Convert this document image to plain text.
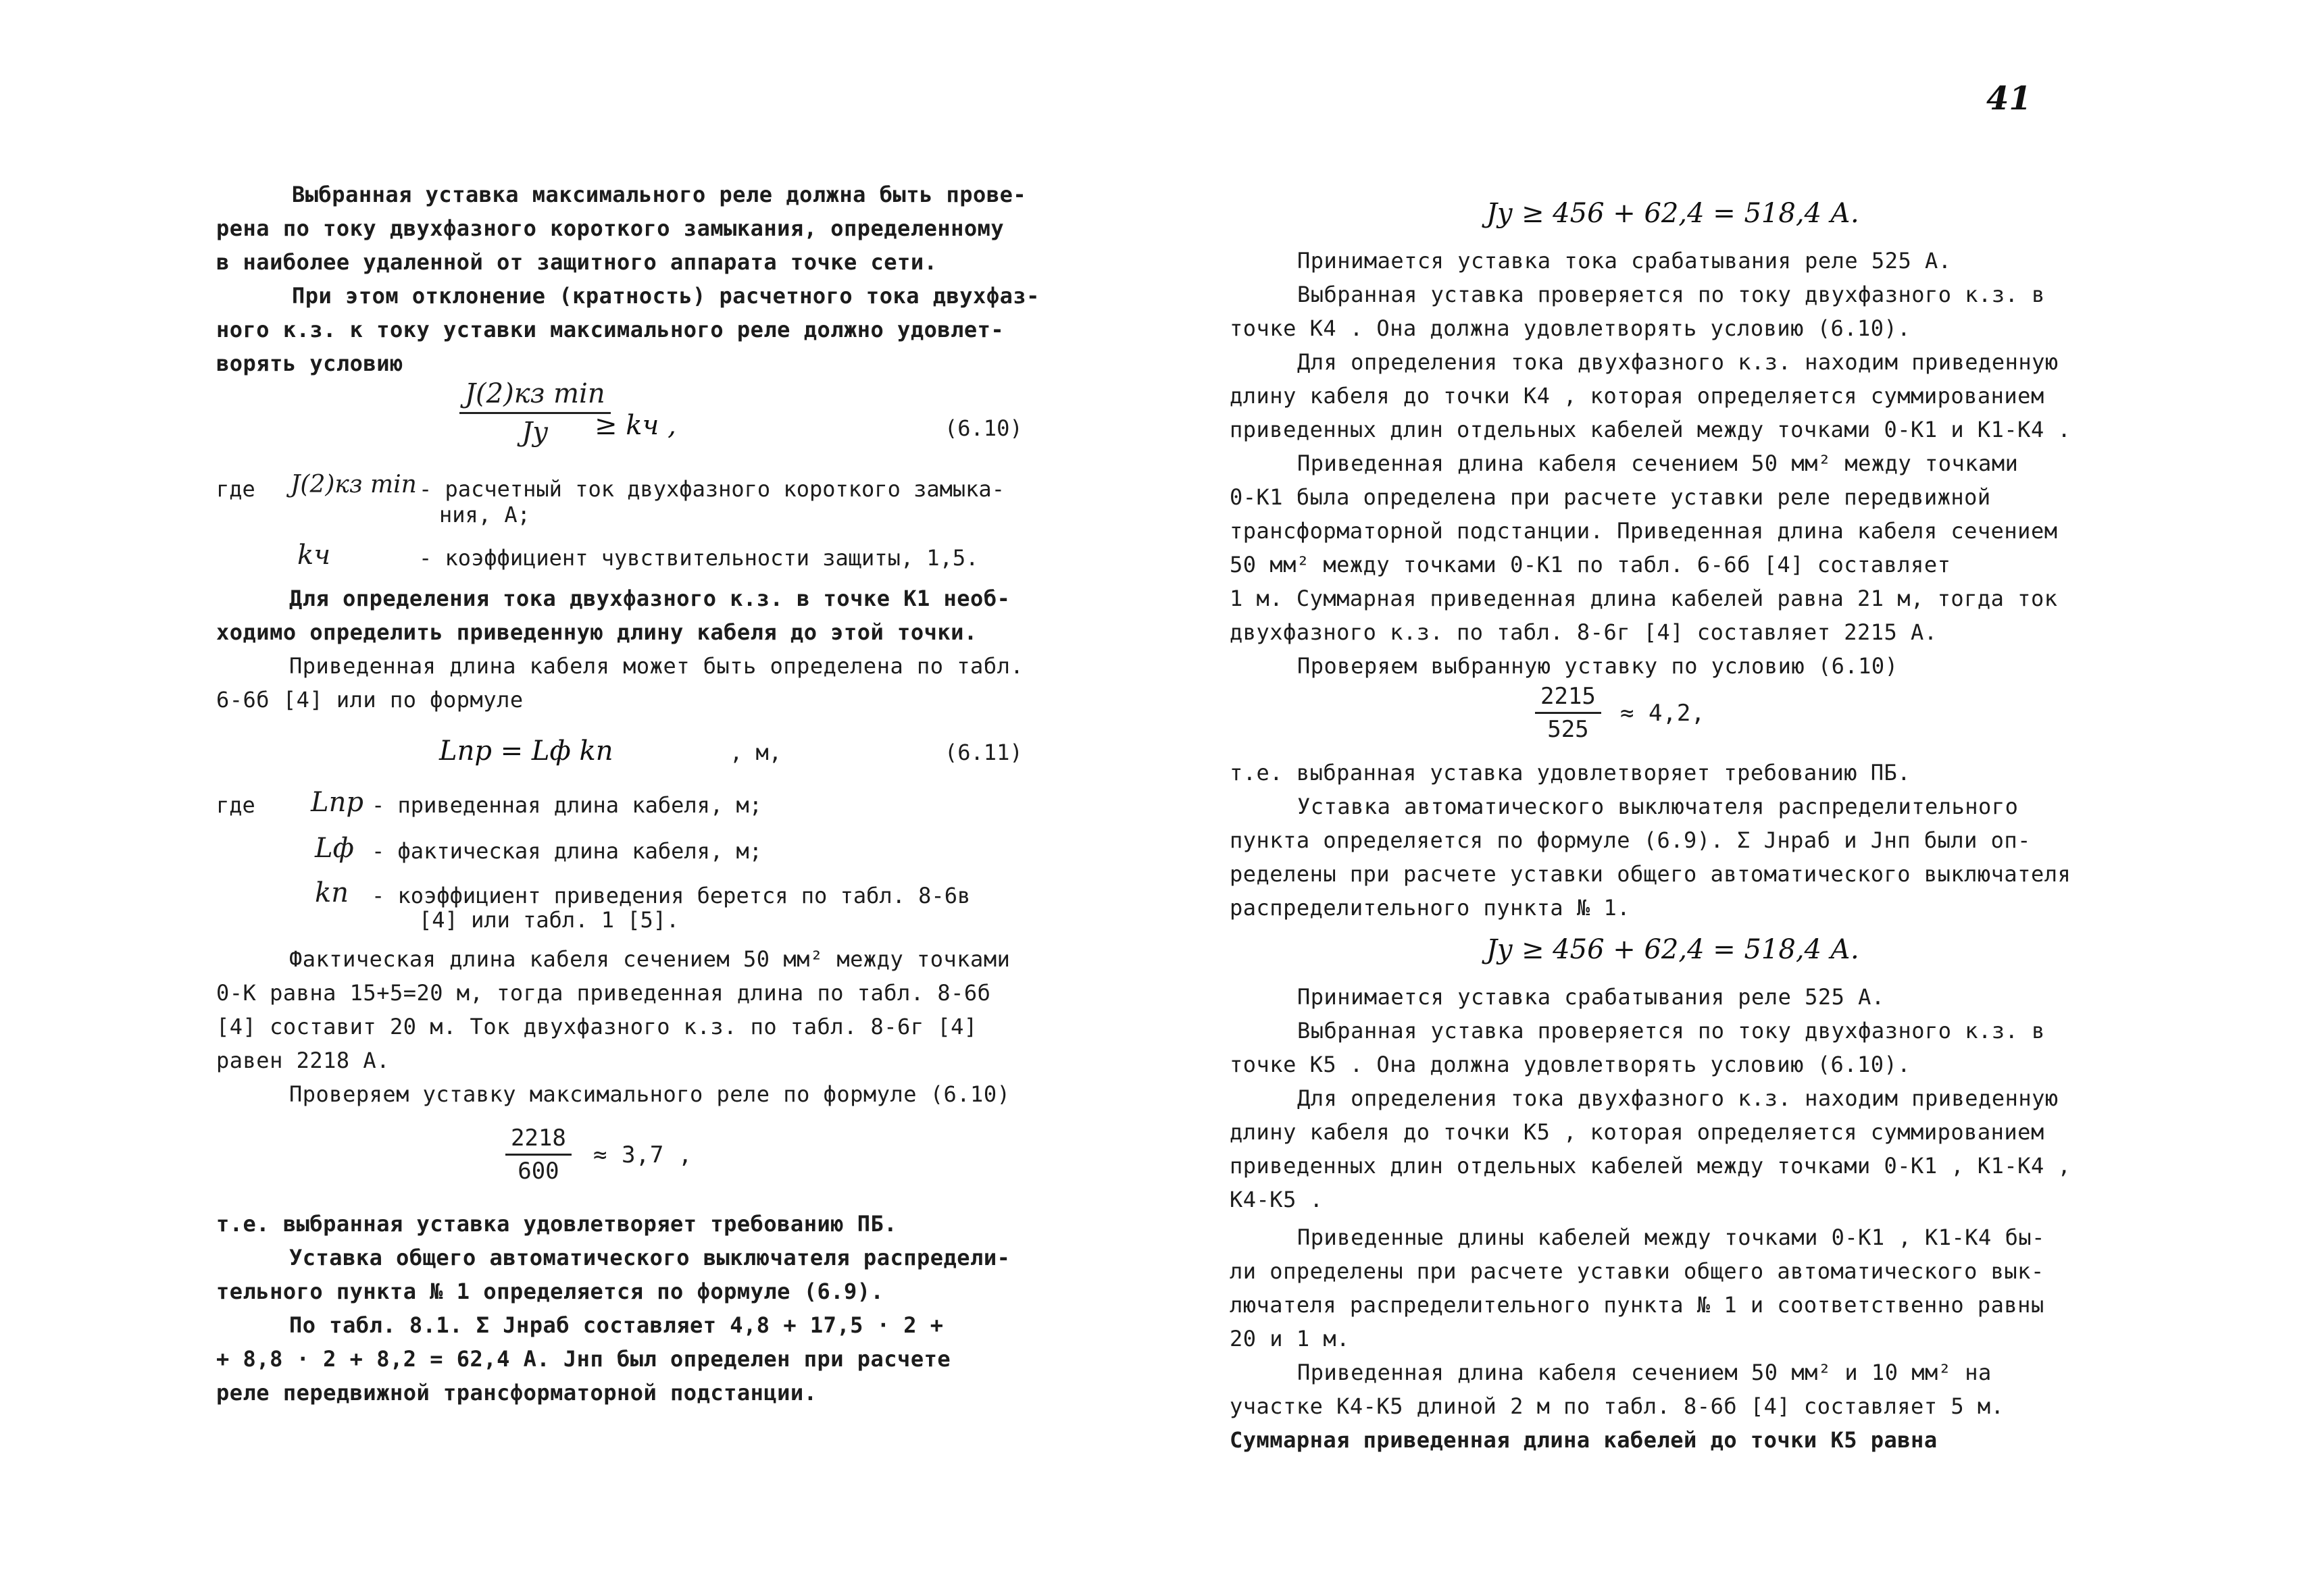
Выбранная уставка максимального реле должна быть прове-
рена по току двухфазного короткого замыкания, определенному
в наиболее удаленной от защитного аппарата точке сети.
При этом отклонение (кратность) расчетного тока двухфаз-
ного к.з. к току уставки максимального реле должно удовлет-
ворять условию
J(2)кз min
Jу ≥ kч ,	(6.10)
где J(2)кз min - расчетный ток двухфазного короткого замыка-
ния, А;
kч	- коэффициент чувствительности защиты, 1,5.
Для определения тока двухфазного к.з. в точке K1 необ-
ходимо определить приведенную длину кабеля до этой точки.
Приведенная длина кабеля может быть определена по табл.
6-6б [4] или по формуле
Lпр = Lф kп	, м,	(6.11)
где Lпр - приведенная длина кабеля, м;
Lф - фактическая длина кабеля, м;
kп - коэффициент приведения берется по табл. 8-6в
[4] или табл. 1 [5].
Фактическая длина кабеля сечением 50 мм² между точками
0-K равна 15+5=20 м, тогда приведенная длина по табл. 8-6б
[4] составит 20 м. Ток двухфазного к.з. по табл. 8-6г [4]
равен 2218 А.
Проверяем уставку максимального реле по формуле (6.10)
$\frac{2218}{600} \approx 3,7$ ,
т.е. выбранная уставка удовлетворяет требованию ПБ.
Уставка общего автоматического выключателя распредели-
тельного пункта № 1 определяется по формуле (6.9).
По табл. 8.1. Σ Jнраб составляет 4,8 + 17,5 · 2 +
+ 8,8 · 2 + 8,2 = 62,4 А. Jнп был определен при расчете
реле передвижной трансформаторной подстанции.
41
Jу ≥ 456 + 62,4 = 518,4 А.
Принимается уставка тока срабатывания реле 525 А.
Выбранная уставка проверяется по току двухфазного к.з. в
точке K4 . Она должна удовлетворять условию (6.10).
Для определения тока двухфазного к.з. находим приведенную
длину кабеля до точки K4 , которая определяется суммированием
приведенных длин отдельных кабелей между точками 0-K1 и K1-K4 .
Приведенная длина кабеля сечением 50 мм² между точками
0-K1 была определена при расчете уставки реле передвижной
трансформаторной подстанции. Приведенная длина кабеля сечением
50 мм² между точками 0-K1 по табл. 6-6б [4] составляет
1 м. Суммарная приведенная длина кабелей равна 21 м, тогда ток
двухфазного к.з. по табл. 8-6г [4] составляет 2215 А.
Проверяем выбранную уставку по условию (6.10)
$\frac{2215}{525} \approx 4,2$,
т.е. выбранная уставка удовлетворяет требованию ПБ.
Уставка автоматического выключателя распределительного
пункта определяется по формуле (6.9). Σ Jнраб и Jнп были оп-
ределены при расчете уставки общего автоматического выключателя
распределительного пункта № 1.
Jу ≥ 456 + 62,4 = 518,4 А.
Принимается уставка срабатывания реле 525 А.
Выбранная уставка проверяется по току двухфазного к.з. в
точке K5 . Она должна удовлетворять условию (6.10).
Для определения тока двухфазного к.з. находим приведенную
длину кабеля до точки K5 , которая определяется суммированием
приведенных длин отдельных кабелей между точками 0-K1 , K1-K4 ,
K4-K5 .
Приведенные длины кабелей между точками 0-K1 , K1-K4 бы-
ли определены при расчете уставки общего автоматического вык-
лючателя распределительного пункта № 1 и соответственно равны
20 и 1 м.
Приведенная длина кабеля сечением 50 мм² и 10 мм² на
участке K4-K5 длиной 2 м по табл. 8-6б [4] составляет 5 м.
Суммарная приведенная длина кабелей до точки K5 равна
